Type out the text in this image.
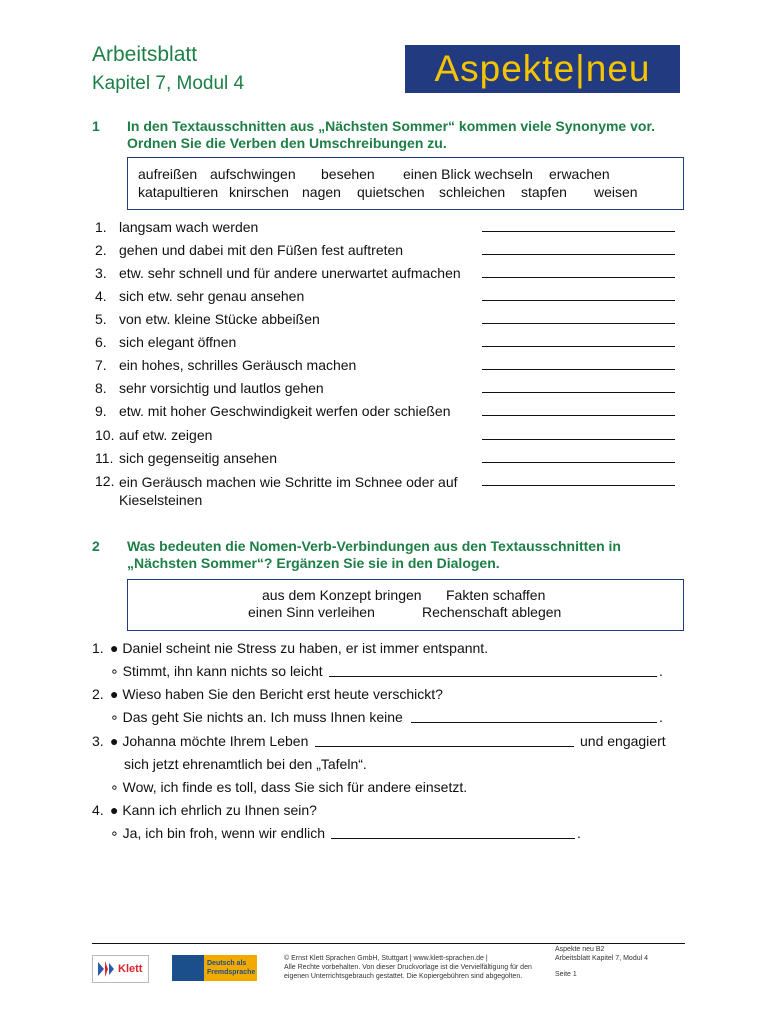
Arbeitsblatt
Kapitel 7, Modul 4	Aspekte|neu
1 In den Textausschnitten aus „Nächsten Sommer“ kommen viele Synonyme vor. Ordnen Sie die Verben den Umschreibungen zu.
aufreißen aufschwingen besehen einen Blick wechseln erwachen
katapultieren knirschen nagen quietschen schleichen stapfen weisen
1. langsam wach werden
2. gehen und dabei mit den Füßen fest auftreten
3. etw. sehr schnell und für andere unerwartet aufmachen
4. sich etw. sehr genau ansehen
5. von etw. kleine Stücke abbeißen
6. sich elegant öffnen
7. ein hohes, schrilles Geräusch machen
8. sehr vorsichtig und lautlos gehen
9. etw. mit hoher Geschwindigkeit werfen oder schießen
10. auf etw. zeigen
11. sich gegenseitig ansehen
12. ein Geräusch machen wie Schritte im Schnee oder auf Kieselsteinen
2 Was bedeuten die Nomen-Verb-Verbindungen aus den Textausschnitten in „Nächsten Sommer“? Ergänzen Sie sie in den Dialogen.
aus dem Konzept bringen Fakten schaffen
einen Sinn verleihen	Rechenschaft ablegen
1. ● Daniel scheint nie Stress zu haben, er ist immer entspannt.
∘ Stimmt, ihn kann nichts so leicht	.
2. ● Wieso haben Sie den Bericht erst heute verschickt?
∘ Das geht Sie nichts an. Ich muss Ihnen keine	.
3. ● Johanna möchte Ihrem Leben	und engagiert
sich jetzt ehrenamtlich bei den „Tafeln“.
∘ Wow, ich finde es toll, dass Sie sich für andere einsetzt.
4. ● Kann ich ehrlich zu Ihnen sein?
∘ Ja, ich bin froh, wenn wir endlich	.
Klett	Deutsch als
Fremdsprache
© Ernst Klett Sprachen GmbH, Stuttgart | www.klett-sprachen.de |
Alle Rechte vorbehalten. Von dieser Druckvorlage ist die Vervielfältigung für den
eigenen Unterrichtsgebrauch gestattet. Die Kopiergebühren sind abgegolten.
Aspekte neu B2
Arbeitsblatt Kapitel 7, Modul 4
Seite 1
